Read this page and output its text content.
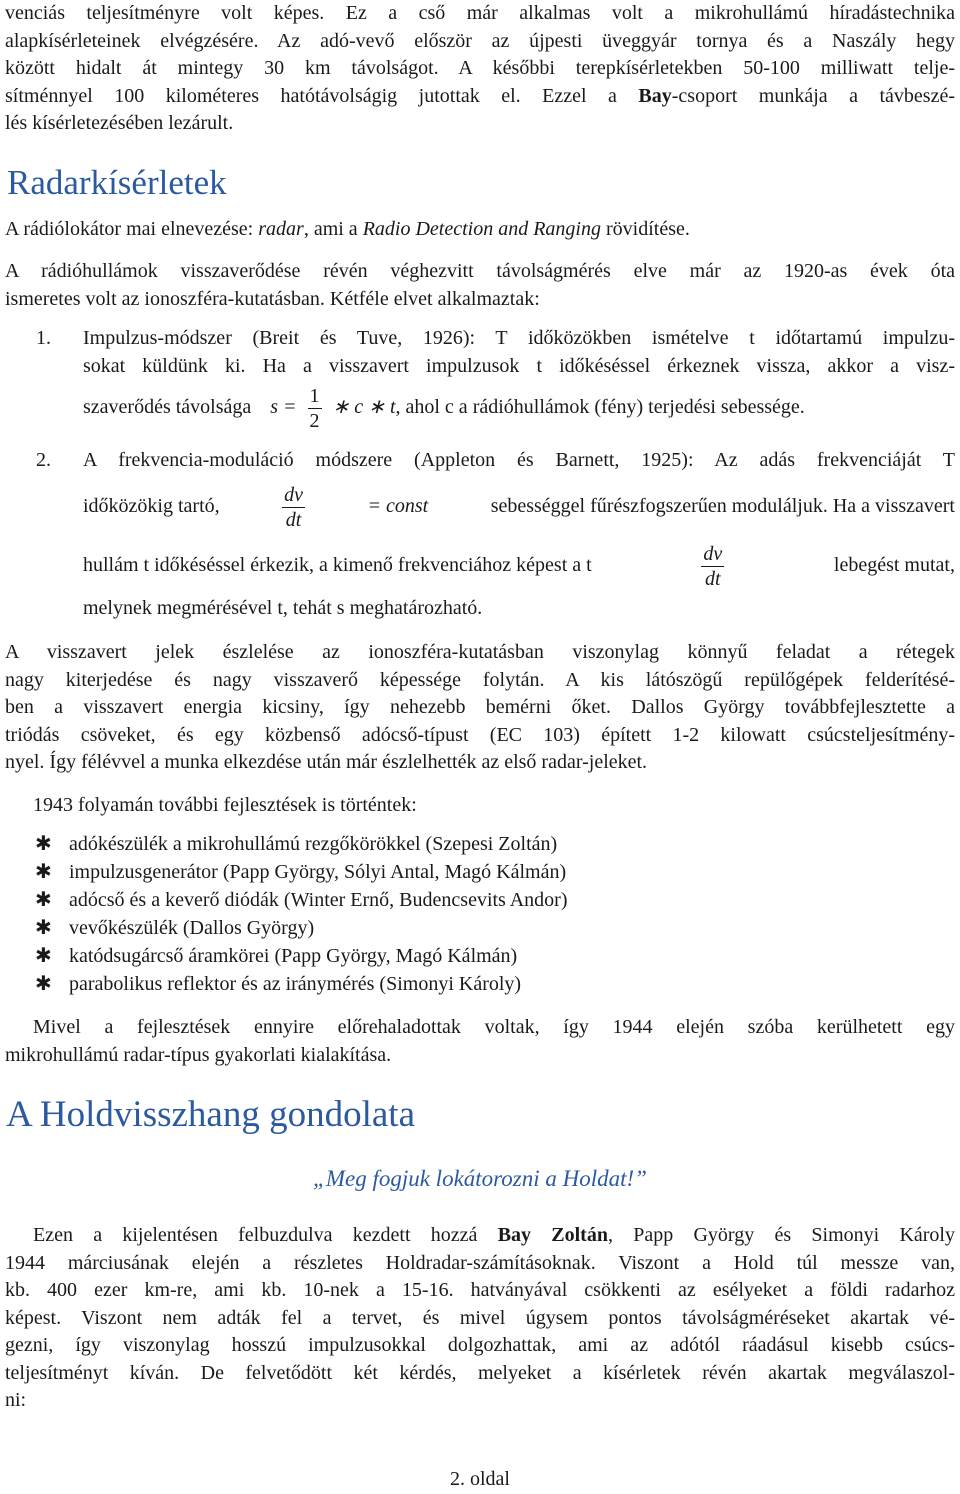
venciás teljesítményre volt képes. Ez a cső már alkalmas volt a mikrohullámú híradástechnika
alapkísérleteinek elvégzésére. Az adó-vevő először az újpesti üveggyár tornya és a Naszály hegy
között hidalt át mintegy 30 km távolságot. A későbbi terepkísérletekben 50-100 milliwatt telje-
sítménnyel 100 kilométeres hatótávolságig jutottak el. Ezzel a Bay-csoport munkája a távbeszé-
lés kísérletezésében lezárult.
Radarkísérletek
A rádiólokátor mai elnevezése: radar, ami a Radio Detection and Ranging rövidítése.
A rádióhullámok visszaverődése révén véghezvitt távolságmérés elve már az 1920-as évek óta
ismeretes volt az ionoszféra-kutatásban. Kétféle elvet alkalmaztak:
1. Impulzus-módszer (Breit és Tuve, 1926): T időközökben ismételve t időtartamú impulzu-
sokat küldünk ki. Ha a visszavert impulzusok t időkéséssel érkeznek vissza, akkor a visz-
szaverődés távolsága $s = \frac{1}{2}$ ∗ c ∗ t, ahol c a rádióhullámok (fény) terjedési sebessége.
2. A frekvencia-moduláció módszere (Appleton és Barnett, 1925): Az adás frekvenciáját T
időközökig tartó,	$\frac{dv}{dt}$	= const	sebességgel fűrészfogszerűen moduláljuk. Ha a visszavert
hullám t időkéséssel érkezik, a kimenő frekvenciához képest a t	$\frac{dv}{dt}$	lebegést mutat,
melynek megmérésével t, tehát s meghatározható.
A visszavert jelek észlelése az ionoszféra-kutatásban viszonylag könnyű feladat a rétegek
nagy kiterjedése és nagy visszaverő képessége folytán. A kis látószögű repülőgépek felderítésé-
ben a visszavert energia kicsiny, így nehezebb bemérni őket. Dallos György továbbfejlesztette a
triódás csöveket, és egy közbenső adócső-típust (EC 103) épített 1-2 kilowatt csúcsteljesítmény-
nyel. Így félévvel a munka elkezdése után már észlelhették az első radar-jeleket.
1943 folyamán további fejlesztések is történtek:
✱ adókészülék a mikrohullámú rezgőkörökkel (Szepesi Zoltán)
✱ impulzusgenerátor (Papp György, Sólyi Antal, Magó Kálmán)
✱ adócső és a keverő diódák (Winter Ernő, Budencsevits Andor)
✱ vevőkészülék (Dallos György)
✱ katódsugárcső áramkörei (Papp György, Magó Kálmán)
✱ parabolikus reflektor és az iránymérés (Simonyi Károly)
Mivel a fejlesztések ennyire előrehaladottak voltak, így 1944 elején szóba kerülhetett egy
mikrohullámú radar-típus gyakorlati kialakítása.
A Holdvisszhang gondolata
„Meg fogjuk lokátorozni a Holdat!”
Ezen a kijelentésen felbuzdulva kezdett hozzá Bay Zoltán, Papp György és Simonyi Károly
1944 márciusának elején a részletes Holdradar-számításoknak. Viszont a Hold túl messze van,
kb. 400 ezer km-re, ami kb. 10-nek a 15-16. hatványával csökkenti az esélyeket a földi radarhoz
képest. Viszont nem adták fel a tervet, és mivel úgysem pontos távolságméréseket akartak vé-
gezni, így viszonylag hosszú impulzusokkal dolgozhattak, ami az adótól ráadásul kisebb csúcs-
teljesítményt kíván. De felvetődött két kérdés, melyeket a kísérletek révén akartak megválaszol-
ni:
2. oldal
